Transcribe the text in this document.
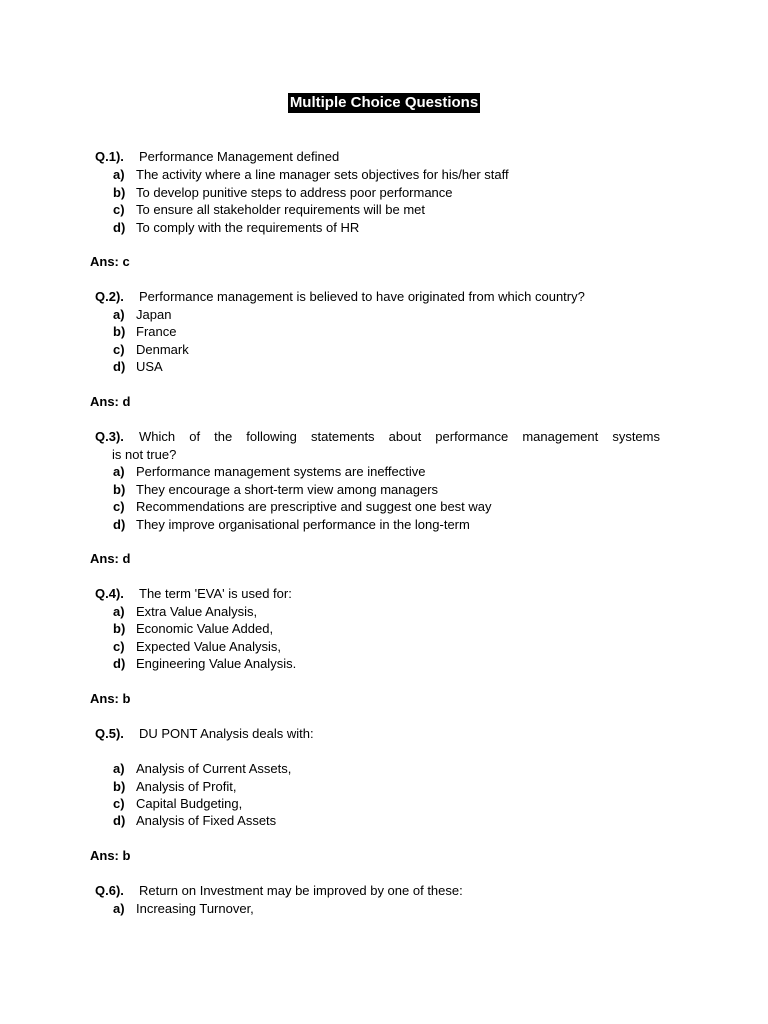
Multiple Choice Questions
Q.1). Performance Management defined
a) The activity where a line manager sets objectives for his/her staff
b) To develop punitive steps to address poor performance
c) To ensure all stakeholder requirements will be met
d) To comply with the requirements of HR
Ans: c
Q.2). Performance management is believed to have originated from which country?
a) Japan
b) France
c) Denmark
d) USA
Ans: d
Q.3). Which of the following statements about performance management systems
is not true?
a) Performance management systems are ineffective
b) They encourage a short-term view among managers
c) Recommendations are prescriptive and suggest one best way
d) They improve organisational performance in the long-term
Ans: d
Q.4). The term 'EVA' is used for:
a) Extra Value Analysis,
b) Economic Value Added,
c) Expected Value Analysis,
d) Engineering Value Analysis.
Ans: b
Q.5). DU PONT Analysis deals with:
a) Analysis of Current Assets,
b) Analysis of Profit,
c) Capital Budgeting,
d) Analysis of Fixed Assets
Ans: b
Q.6). Return on Investment may be improved by one of these:
a) Increasing Turnover,
